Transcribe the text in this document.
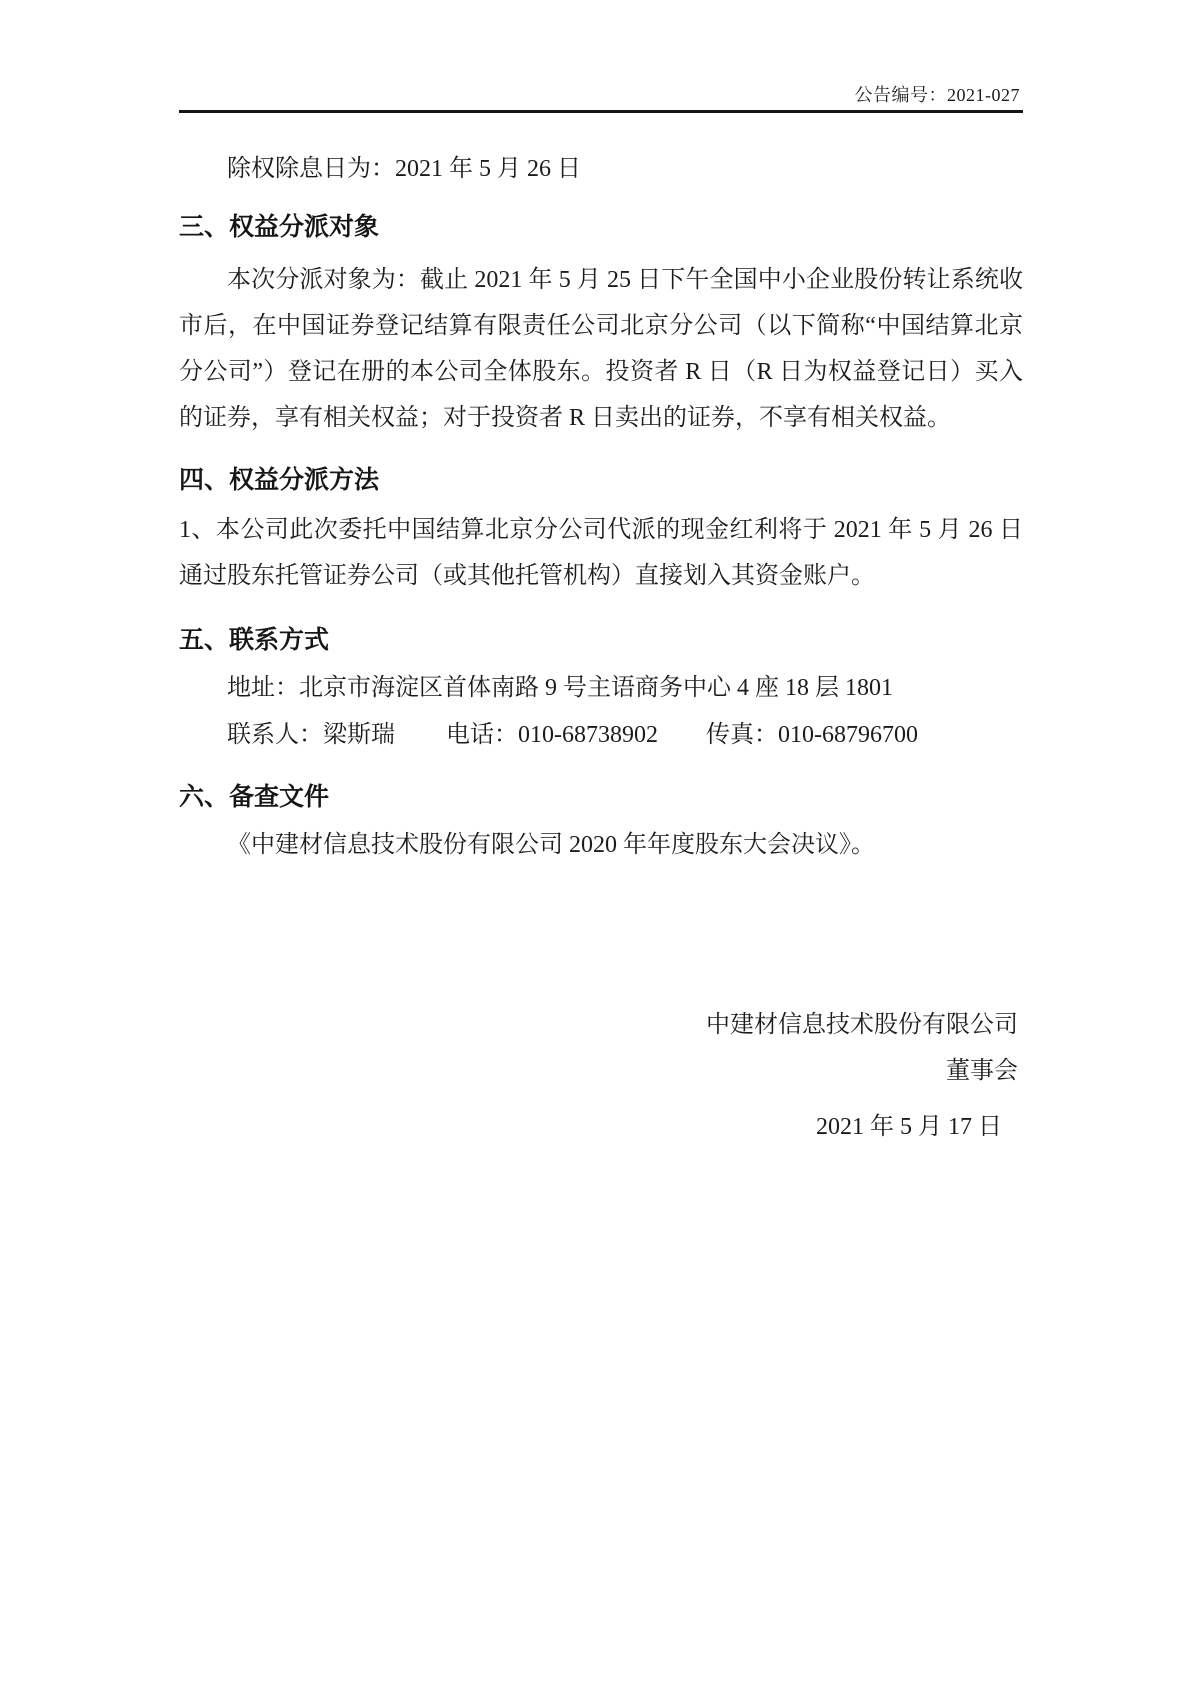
公告编号：2021-027

除权除息日为：2021 年 5 月 26 日

三、权益分派对象
本次分派对象为：截止 2021 年 5 月 25 日下午全国中小企业股份转让系统收
市后，在中国证券登记结算有限责任公司北京分公司（以下简称“中国结算北京
分公司”）登记在册的本公司全体股东。投资者 R 日（R 日为权益登记日）买入
的证券，享有相关权益；对于投资者 R 日卖出的证券，不享有相关权益。
四、权益分派方法
1、本公司此次委托中国结算北京分公司代派的现金红利将于 2021 年 5 月 26 日
通过股东托管证券公司（或其他托管机构）直接划入其资金账户。
五、联系方式
地址：北京市海淀区首体南路 9 号主语商务中心 4 座 18 层 1801
联系人：梁斯瑞 电话：010-68738902 传真：010-68796700
六、备查文件
《中建材信息技术股份有限公司 2020 年年度股东大会决议》。
中建材信息技术股份有限公司
董事会
2021 年 5 月 17 日
